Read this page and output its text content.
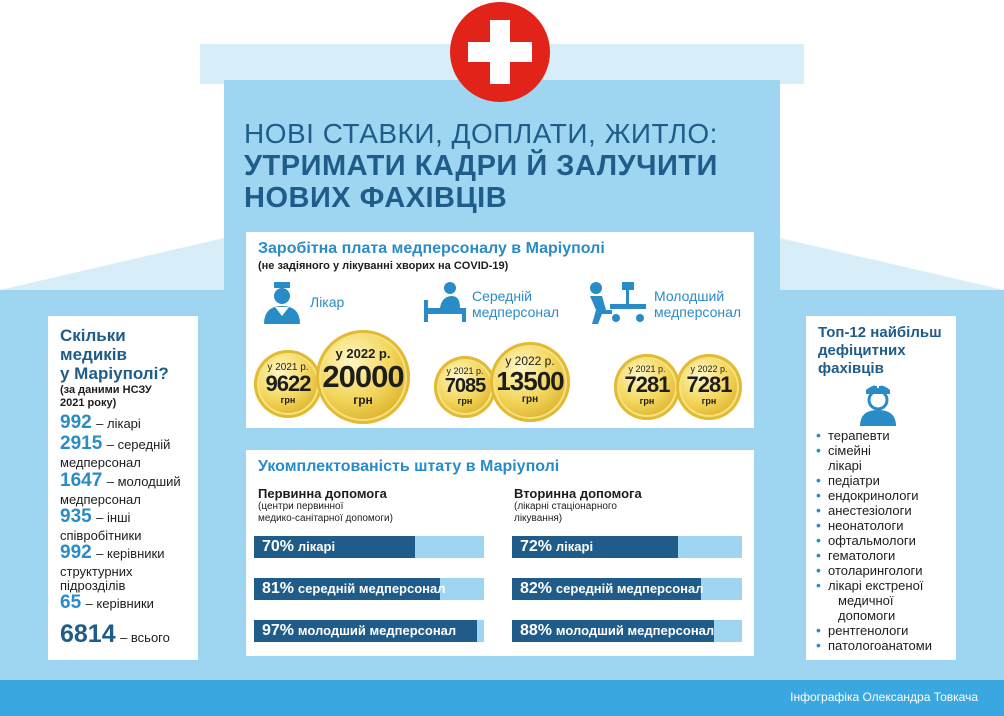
НОВІ СТАВКИ, ДОПЛАТИ, ЖИТЛО:
УТРИМАТИ КАДРИ Й ЗАЛУЧИТИ
НОВИХ ФАХІВЦІВ
Заробітна плата медперсоналу в Маріуполі
(не задіяного у лікуванні хворих на COVID-19)
Лікар	Середній
медперсонал
Молодший
медперсонал
у 2021 р.
9622
грн
у 2022 р.
20000
грн
у 2021 р.
7085
грн
у 2022 р.
13500
грн
у 2021 р.
7281
грн
у 2022 р.
7281
грн
Укомплектованість штату в Маріуполі
Первинна допомога
(центри первинної
медико-санітарної допомоги)
Вторинна допомога
(лікарні стаціонарного
лікування)
70% лікарі
81% середній медперсонал
97% молодший медперсонал
72% лікарі
82% середній медперсонал
88% молодший медперсонал
Скільки
медиків
у Маріуполі?
(за даними НСЗУ
2021 року)
992 – лікарі
2915 – середній
медперсонал
1647 – молодший
медперсонал
935 – інші
співробітники
992 – керівники
структурних
підрозділів
65 – керівники
6814 – всього
Топ-12 найбільш
дефіцитних
фахівців
• терапевти
• сімейні
лікарі
• педіатри
• ендокринологи
• анестезіологи
• неонатологи
• офтальмологи
• гематологи
• отоларингологи
• лікарі екстреної
медичної
допомоги
• рентгенологи
• патологоанатоми
Інфографіка Олександра Товкача
